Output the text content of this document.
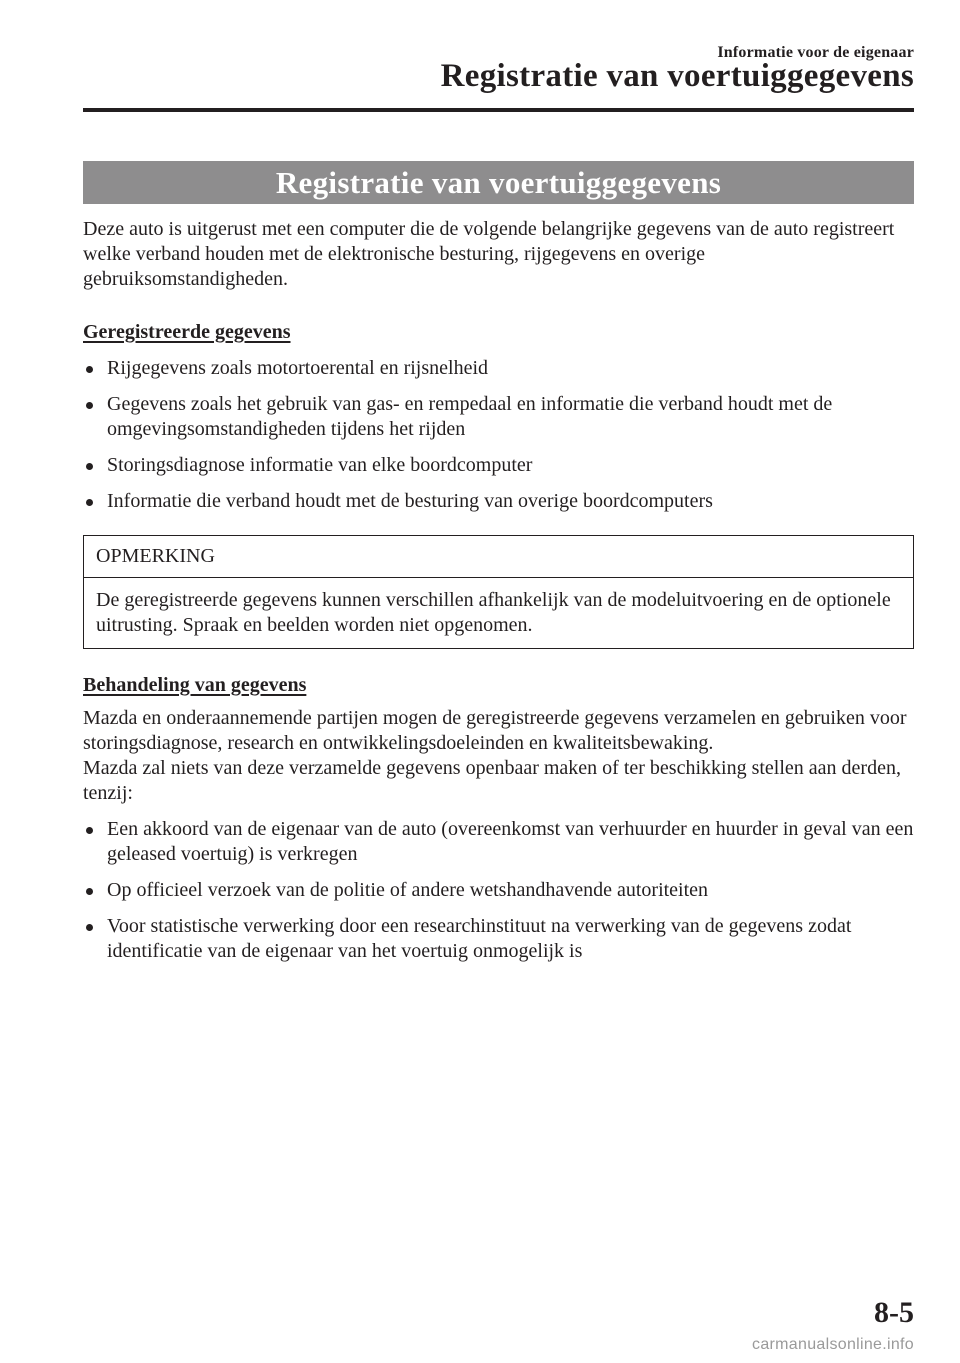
Informatie voor de eigenaar
Registratie van voertuiggegevens
Registratie van voertuiggegevens

Deze auto is uitgerust met een computer die de volgende belangrijke gegevens van de auto registreert welke verband houden met de elektronische besturing, rijgegevens en overige gebruiksomstandigheden.

Geregistreerde gegevens

Rijgegevens zoals motortoerental en rijsnelheid
Gegevens zoals het gebruik van gas- en rempedaal en informatie die verband houdt met de omgevingsomstandigheden tijdens het rijden
Storingsdiagnose informatie van elke boordcomputer
Informatie die verband houdt met de besturing van overige boordcomputers
OPMERKING
De geregistreerde gegevens kunnen verschillen afhankelijk van de modeluitvoering en de optionele uitrusting. Spraak en beelden worden niet opgenomen.

Behandeling van gegevens

Mazda en onderaannemende partijen mogen de geregistreerde gegevens verzamelen en gebruiken voor storingsdiagnose, research en ontwikkelingsdoeleinden en kwaliteitsbewaking.

Mazda zal niets van deze verzamelde gegevens openbaar maken of ter beschikking stellen aan derden, tenzij:

Een akkoord van de eigenaar van de auto (overeenkomst van verhuurder en huurder in geval van een geleased voertuig) is verkregen
Op officieel verzoek van de politie of andere wetshandhavende autoriteiten
Voor statistische verwerking door een researchinstituut na verwerking van de gegevens zodat identificatie van de eigenaar van het voertuig onmogelijk is
8-5
carmanualsonline.info
